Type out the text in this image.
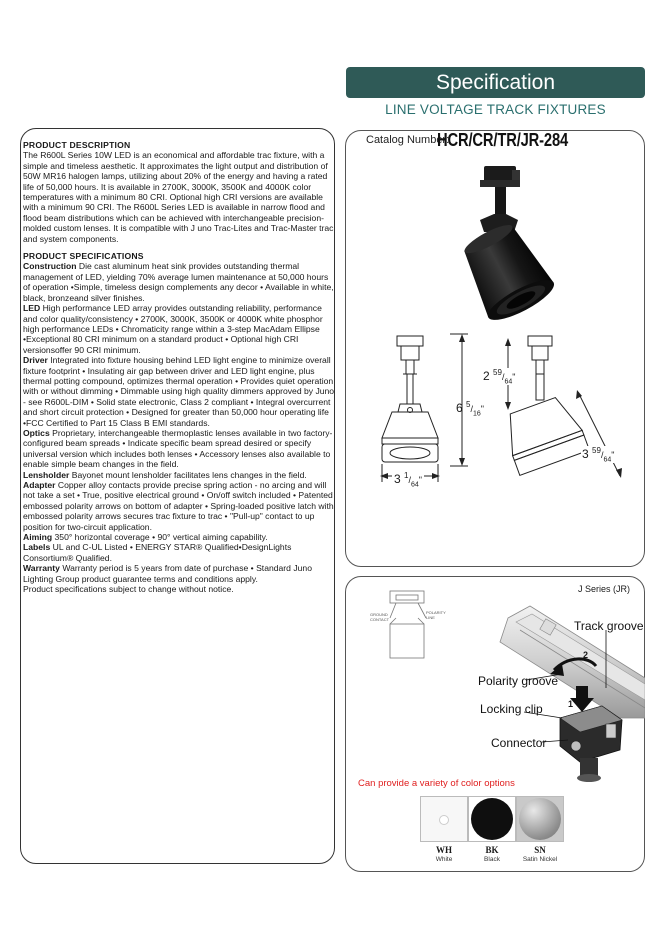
Specification
LINE VOLTAGE TRACK FIXTURES

PRODUCT DESCRIPTION

The R600L Series 10W LED is an economical and affordable trac fixture, with a simple and timeless aesthetic. It approximates the light output and distribution of 50W MR16 halogen lamps, utilizing about 20% of the energy and having a rated life of 50,000 hours. It is available in 2700K, 3000K, 3500K and 4000K color temperatures with a minimum 80 CRI. Optional high CRI versions are available with a minimum 90 CRI. The R600L Series LED is available in narrow flood and flood beam distributions which can be achieved with interchangeable precision-molded custom lenses. It is compatible with J uno Trac-Lites and Trac-Master trac and system components.

PRODUCT SPECIFICATIONS

Construction Die cast aluminum heat sink provides outstanding thermal management of LED, yielding 70% average lumen maintenance at 50,000 hours of operation •Simple, timeless design complements any decor • Available in white, black, bronzeand silver finishes.

LED High performance LED array provides outstanding reliability, performance and color quality/consistency • 2700K, 3000K, 3500K or 4000K white phosphor high performance LEDs • Chromaticity range within a 3-step MacAdam Ellipse •Exceptional 80 CRI minimum on a standard product • Optional high CRI versionsoffer 90 CRI minimum.

Driver Integrated into fixture housing behind LED light engine to minimize overall fixture footprint • Insulating air gap between driver and LED light engine, plus thermal potting compound, optimizes thermal operation • Provides quiet operation with or without dimming • Dimmable using high quality dimmers approved by Juno - see R600L-DIM • Solid state electronic, Class 2 compliant • Integral overcurrent and short circuit protection • Designed for greater than 50,000 hour operating life •FCC Certified to Part 15 Class B EMI standards.

Optics Proprietary, interchangeable thermoplastic lenses available in two factory-configured beam spreads • Indicate specific beam spread desired or specify universal version which includes both lenses • Accessory lenses also available to enable simple beam changes in the field.

Lensholder Bayonet mount lensholder facilitates lens changes in the field.

Adapter Copper alloy contacts provide precise spring action - no arcing and will not take a set • True, positive electrical ground • On/off switch included • Patented embossed polarity arrows on bottom of adapter • Spring-loaded positive latch with embossed polarity arrows secures trac fixture to trac • "Pull-up" contact to up position for two-circuit application.

Aiming 350° horizontal coverage • 90° vertical aiming capability.

Labels UL and C-UL Listed • ENERGY STAR® Qualified•DesignLights Consortium® Qualified.

Warranty Warranty period is 5 years from date of purchase • Standard Juno Lighting Group product guarantee terms and conditions apply.

Product specifications subject to change without notice.

Catalog Number:
HCR/CR/TR/JR-284
6 $^5/_{16}$"
3 $^1/_{64}$"
2 $^{59}/_{64}$"
3 $^{59}/_{64}$"
J Series (JR)
GROUND CONTACT
POLARITY LINE
Track groove
Polarity groove
Locking clip
Connector
2
1
Can provide a variety of color options
WH	BK	SN
White	Black	Satin Nickel
